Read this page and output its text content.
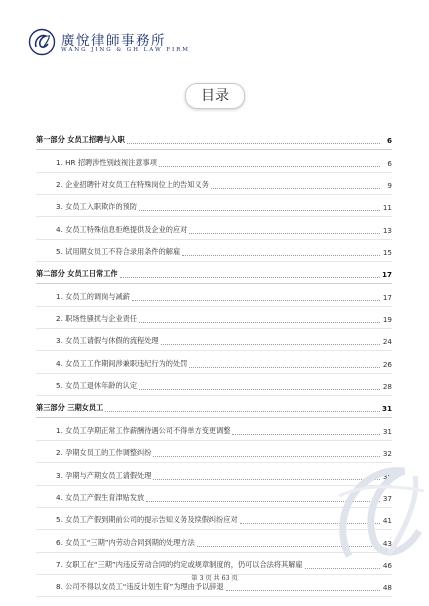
廣悅律師事務所
WANG JING & GH LAW FIRM
目录
第一部分 女员工招聘与入职	6
1. HR 招聘涉性别歧视注意事项	6
2. 企业招聘针对女员工在特殊岗位上的告知义务	9
3. 女员工入职欺诈的预防	11
4. 女员工特殊信息拒绝提供及企业的应对	13
5. 试用期女员工不符合录用条件的解雇	15
第二部分 女员工日常工作	17
1. 女员工的调岗与减薪	17
2. 职场性骚扰与企业责任	19
3. 女员工请假与休假的流程处理	24
4. 女员工工作期间涉兼职违纪行为的处罚	26
5. 女员工退休年龄的认定	28
第三部分 三期女员工	31
1. 女员工孕期正常工作薪酬待遇公司不得单方变更调整	31
2. 孕期女员工的工作调整纠纷	32
3. 孕期与产期女员工请假处理	35
4. 女员工产假生育津贴发放	37
5. 女员工产假到期前公司的提示告知义务及续假纠纷应对	41
6. 女员工“三期”内劳动合同到期的处理方法	43
7. 女职工在“三期”内违反劳动合同的约定或规章制度的，仍可以合法将其解雇	46
8. 公司不得以女员工“违反计划生育”为理由予以辞退	48
第 3 页 共 63 页
